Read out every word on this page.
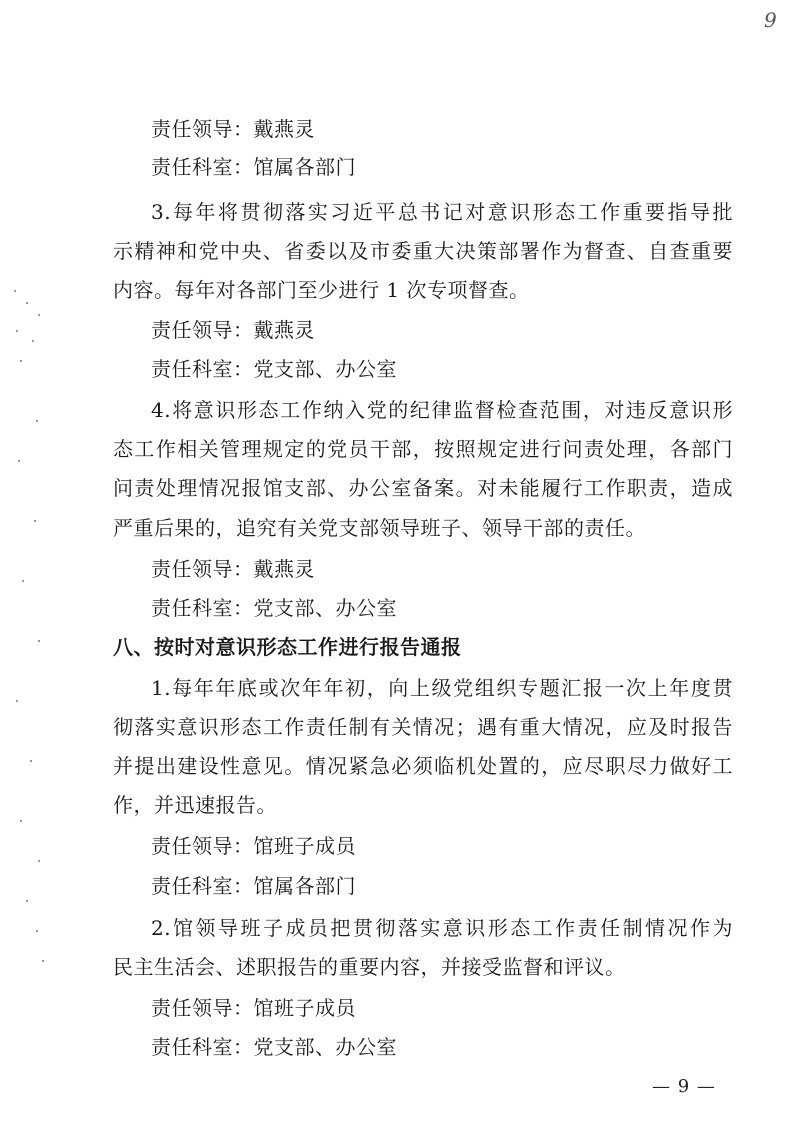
9
责任领导：戴燕灵
责任科室：馆属各部门
3.每年将贯彻落实习近平总书记对意识形态工作重要指导批
示精神和党中央、省委以及市委重大决策部署作为督查、自查重要
内容。每年对各部门至少进行 1 次专项督查。
责任领导：戴燕灵
责任科室：党支部、办公室
4.将意识形态工作纳入党的纪律监督检查范围，对违反意识形
态工作相关管理规定的党员干部，按照规定进行问责处理，各部门
问责处理情况报馆支部、办公室备案。对未能履行工作职责，造成
严重后果的，追究有关党支部领导班子、领导干部的责任。
责任领导：戴燕灵
责任科室：党支部、办公室
八、按时对意识形态工作进行报告通报
1.每年年底或次年年初，向上级党组织专题汇报一次上年度贯
彻落实意识形态工作责任制有关情况；遇有重大情况，应及时报告
并提出建设性意见。情况紧急必须临机处置的，应尽职尽力做好工
作，并迅速报告。
责任领导：馆班子成员
责任科室：馆属各部门
2.馆领导班子成员把贯彻落实意识形态工作责任制情况作为
民主生活会、述职报告的重要内容，并接受监督和评议。
责任领导：馆班子成员
责任科室：党支部、办公室
— 9 —
